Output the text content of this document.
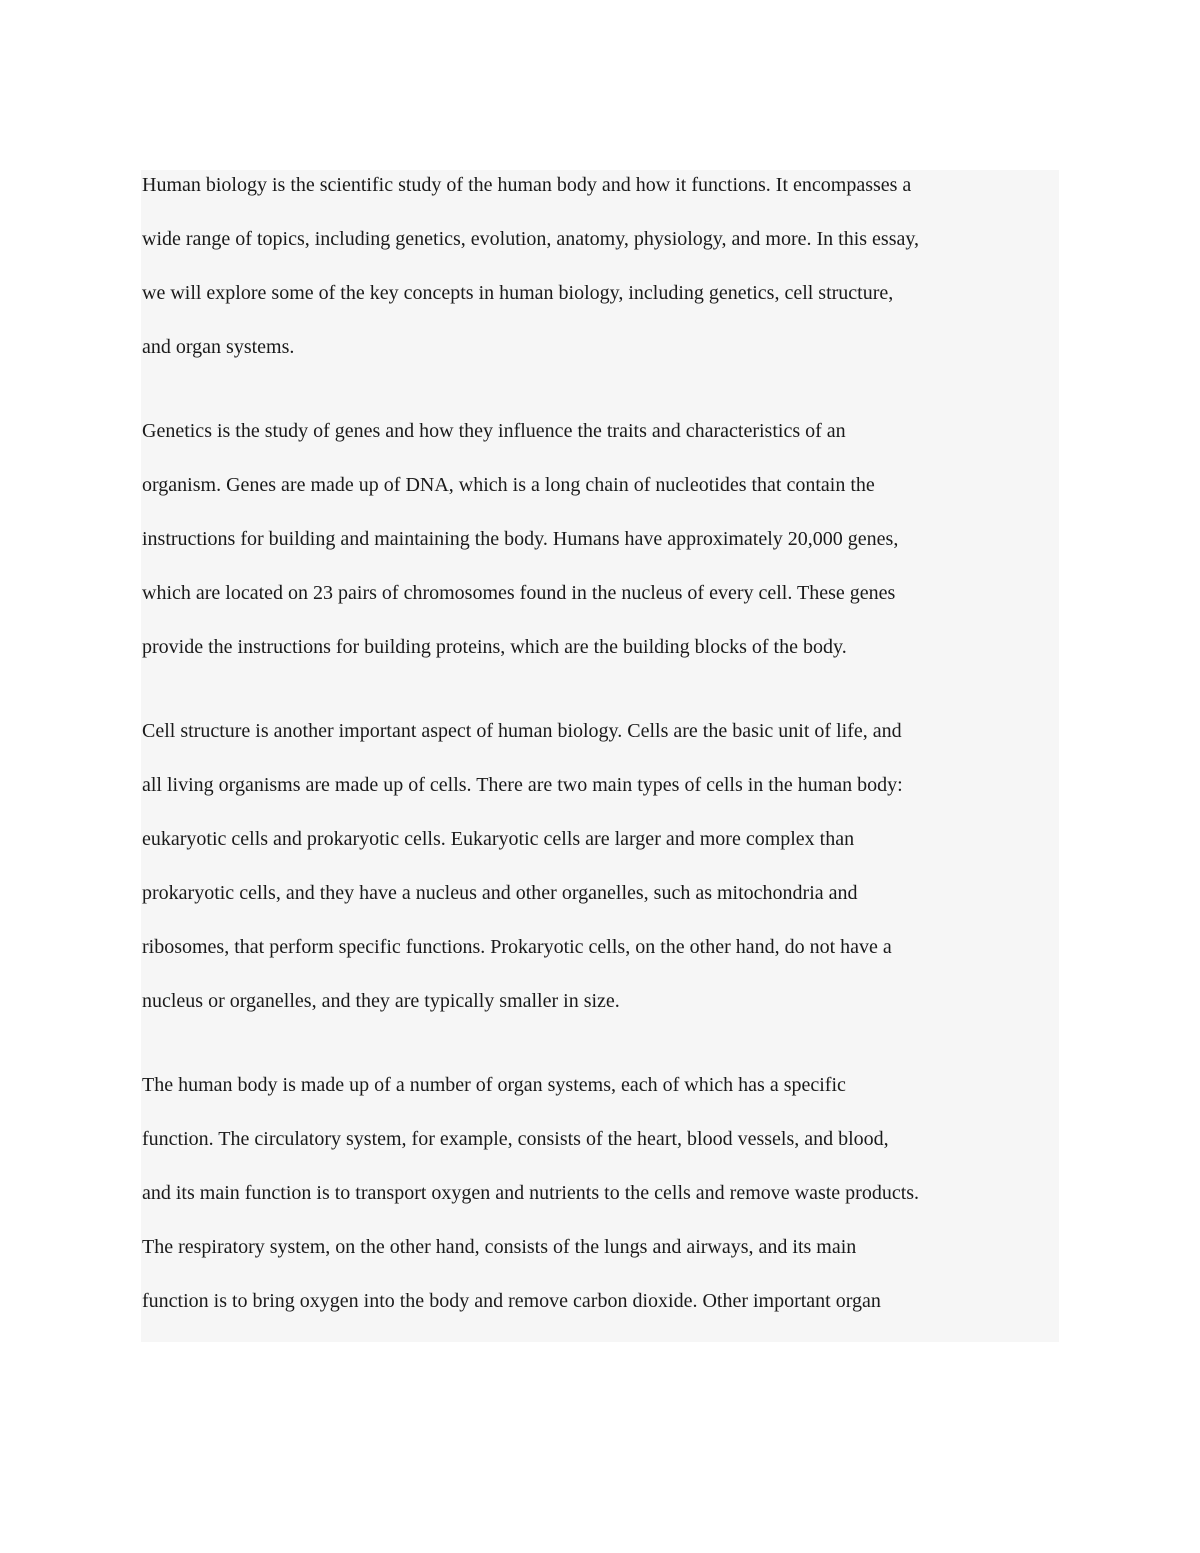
Human biology is the scientific study of the human body and how it functions. It encompasses a
wide range of topics, including genetics, evolution, anatomy, physiology, and more. In this essay,
we will explore some of the key concepts in human biology, including genetics, cell structure,
and organ systems.
Genetics is the study of genes and how they influence the traits and characteristics of an
organism. Genes are made up of DNA, which is a long chain of nucleotides that contain the
instructions for building and maintaining the body. Humans have approximately 20,000 genes,
which are located on 23 pairs of chromosomes found in the nucleus of every cell. These genes
provide the instructions for building proteins, which are the building blocks of the body.
Cell structure is another important aspect of human biology. Cells are the basic unit of life, and
all living organisms are made up of cells. There are two main types of cells in the human body:
eukaryotic cells and prokaryotic cells. Eukaryotic cells are larger and more complex than
prokaryotic cells, and they have a nucleus and other organelles, such as mitochondria and
ribosomes, that perform specific functions. Prokaryotic cells, on the other hand, do not have a
nucleus or organelles, and they are typically smaller in size.
The human body is made up of a number of organ systems, each of which has a specific
function. The circulatory system, for example, consists of the heart, blood vessels, and blood,
and its main function is to transport oxygen and nutrients to the cells and remove waste products.
The respiratory system, on the other hand, consists of the lungs and airways, and its main
function is to bring oxygen into the body and remove carbon dioxide. Other important organ
